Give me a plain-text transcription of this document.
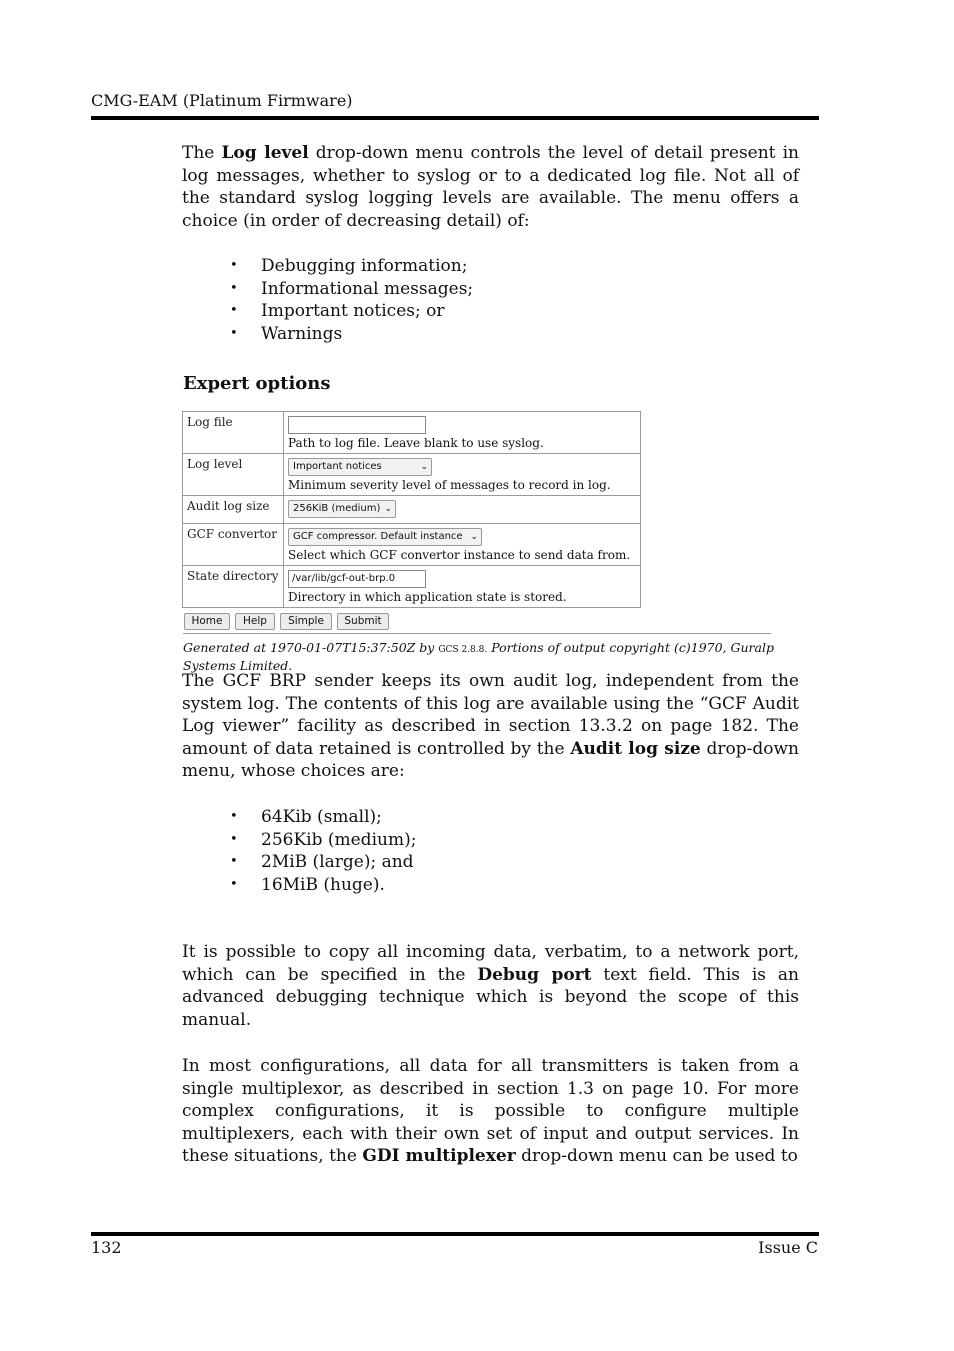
CMG-EAM (Platinum Firmware)
The Log level drop-down menu controls the level of detail present in log messages, whether to syslog or to a dedicated log file. Not all of the standard syslog logging levels are available. The menu offers a choice (in order of decreasing detail) of:
• Debugging information;
• Informational messages;
• Important notices; or
• Warnings
Expert options
Log file	Path to log file. Leave blank to use syslog.
Log level	Important notices ⌄

Minimum severity level of messages to record in log.
Audit log size	256KiB (medium) ⌄

GCF convertor	GCF compressor. Default instance ⌄

Select which GCF convertor instance to send data from.
State directory	/var/lib/gcf-out-brp.0
Directory in which application state is stored.
Home Help Simple Submit
Generated at 1970-01-07T15:37:50Z by GCS 2.8.8. Portions of output copyright (c)1970, Guralp Systems Limited.
The GCF BRP sender keeps its own audit log, independent from the system log. The contents of this log are available using the “GCF Audit Log viewer” facility as described in section 13.3.2 on page 182. The amount of data retained is controlled by the Audit log size drop-down menu, whose choices are:
• 64Kib (small);
• 256Kib (medium);
• 2MiB (large); and
• 16MiB (huge).
It is possible to copy all incoming data, verbatim, to a network port, which can be specified in the Debug port text field. This is an advanced debugging technique which is beyond the scope of this manual.
In most configurations, all data for all transmitters is taken from a single multiplexor, as described in section 1.3 on page 10. For more complex configurations, it is possible to configure multiple multiplexers, each with their own set of input and output services. In these situations, the GDI multiplexer drop-down menu can be used to
132	Issue C
